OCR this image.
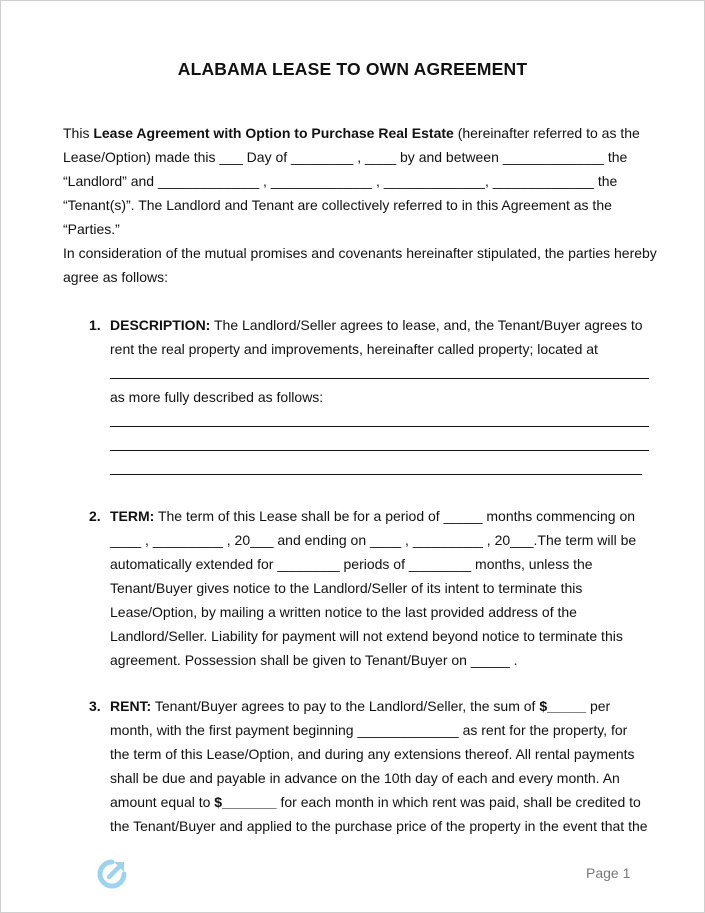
ALABAMA LEASE TO OWN AGREEMENT

This Lease Agreement with Option to Purchase Real Estate (hereinafter referred to as the

Lease/Option) made this ___ Day of ________ , ____ by and between _____________ the

“Landlord” and _____________ , _____________ , _____________, _____________ the

“Tenant(s)”. The Landlord and Tenant are collectively referred to in this Agreement as the

“Parties.”

In consideration of the mutual promises and covenants hereinafter stipulated, the parties hereby

agree as follows:

1. DESCRIPTION: The Landlord/Seller agrees to lease, and, the Tenant/Buyer agrees to
rent the real property and improvements, hereinafter called property; located at
as more fully described as follows:
2. TERM: The term of this Lease shall be for a period of _____ months commencing on
____ , _________ , 20___ and ending on ____ , _________ , 20___.The term will be
automatically extended for ________ periods of ________ months, unless the
Tenant/Buyer gives notice to the Landlord/Seller of its intent to terminate this
Lease/Option, by mailing a written notice to the last provided address of the
Landlord/Seller. Liability for payment will not extend beyond notice to terminate this
agreement. Possession shall be given to Tenant/Buyer on _____ .
3. RENT: Tenant/Buyer agrees to pay to the Landlord/Seller, the sum of $_____ per
month, with the first payment beginning _____________ as rent for the property, for
the term of this Lease/Option, and during any extensions thereof. All rental payments
shall be due and payable in advance on the 10th day of each and every month. An
amount equal to $_______ for each month in which rent was paid, shall be credited to
the Tenant/Buyer and applied to the purchase price of the property in the event that the
Page 1
